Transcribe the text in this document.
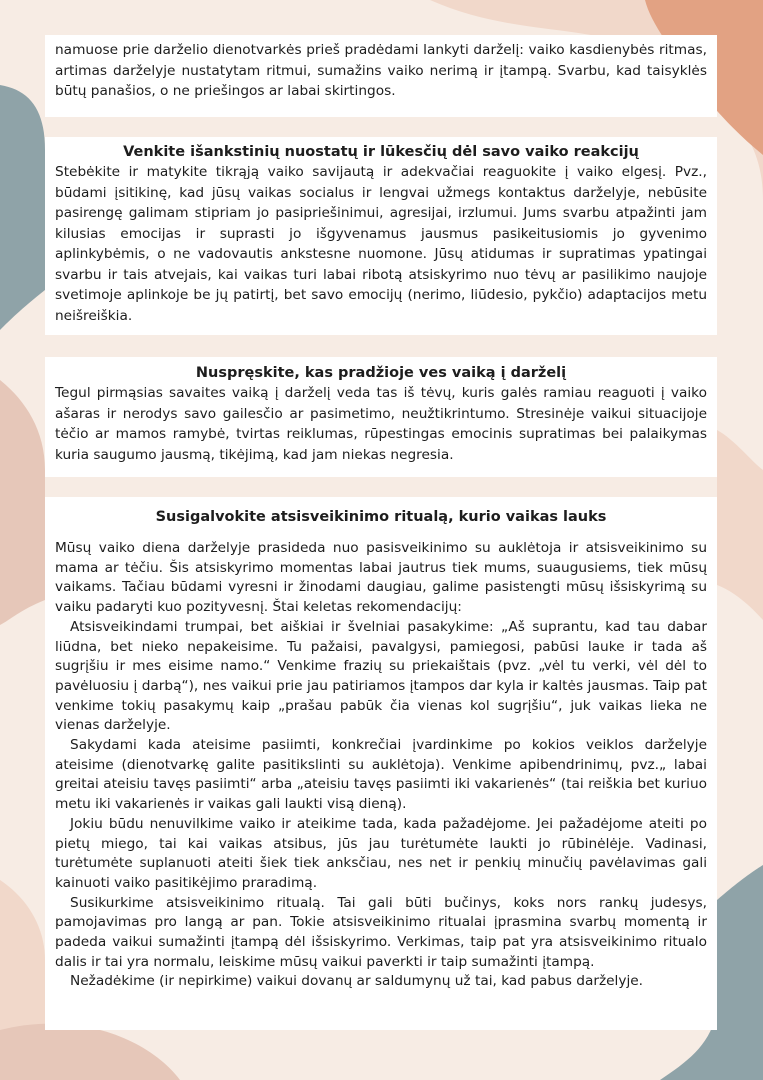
namuose prie darželio dienotvarkės prieš pradėdami lankyti darželį: vaiko kasdienybės ritmas, artimas darželyje nustatytam ritmui, sumažins vaiko nerimą ir įtampą. Svarbu, kad taisyklės būtų panašios, o ne priešingos ar labai skirtingos.

Venkite išankstinių nuostatų ir lūkesčių dėl savo vaiko reakcijų

Stebėkite ir matykite tikrąją vaiko savijautą ir adekvačiai reaguokite į vaiko elgesį. Pvz., būdami įsitikinę, kad jūsų vaikas socialus ir lengvai užmegs kontaktus darželyje, nebūsite pasirengę galimam stipriam jo pasipriešinimui, agresijai, irzlumui. Jums svarbu atpažinti jam kilusias emocijas ir suprasti jo išgyvenamus jausmus pasikeitusiomis jo gyvenimo aplinkybėmis, o ne vadovautis ankstesne nuomone. Jūsų atidumas ir supratimas ypatingai svarbu ir tais atvejais, kai vaikas turi labai ribotą atsiskyrimo nuo tėvų ar pasilikimo naujoje svetimoje aplinkoje be jų patirtį, bet savo emocijų (nerimo, liūdesio, pykčio) adaptacijos metu neišreiškia.

Nuspręskite, kas pradžioje ves vaiką į darželį

Tegul pirmąsias savaites vaiką į darželį veda tas iš tėvų, kuris galės ramiau reaguoti į vaiko ašaras ir nerodys savo gailesčio ar pasimetimo, neužtikrintumo. Stresinėje vaikui situacijoje tėčio ar mamos ramybė, tvirtas reiklumas, rūpestingas emocinis supratimas bei palaikymas kuria saugumo jausmą, tikėjimą, kad jam niekas negresia.

Susigalvokite atsisveikinimo ritualą, kurio vaikas lauks

Mūsų vaiko diena darželyje prasideda nuo pasisveikinimo su auklėtoja ir atsisveikinimo su mama ar tėčiu. Šis atsiskyrimo momentas labai jautrus tiek mums, suaugusiems, tiek mūsų vaikams. Tačiau būdami vyresni ir žinodami daugiau, galime pasistengti mūsų išsiskyrimą su vaiku padaryti kuo pozityvesnį. Štai keletas rekomendacijų:

Atsisveikindami trumpai, bet aiškiai ir švelniai pasakykime: „Aš suprantu, kad tau dabar liūdna, bet nieko nepakeisime. Tu pažaisi, pavalgysi, pamiegosi, pabūsi lauke ir tada aš sugrįšiu ir mes eisime namo.“ Venkime frazių su priekaištais (pvz. „vėl tu verki, vėl dėl to pavėluosiu į darbą“), nes vaikui prie jau patiriamos įtampos dar kyla ir kaltės jausmas. Taip pat venkime tokių pasakymų kaip „prašau pabūk čia vienas kol sugrįšiu“, juk vaikas lieka ne vienas darželyje.

Sakydami kada ateisime pasiimti, konkrečiai įvardinkime po kokios veiklos darželyje ateisime (dienotvarkę galite pasitikslinti su auklėtoja). Venkime apibendrinimų, pvz.„ labai greitai ateisiu tavęs pasiimti“ arba „ateisiu tavęs pasiimti iki vakarienės“ (tai reiškia bet kuriuo metu iki vakarienės ir vaikas gali laukti visą dieną).

Jokiu būdu nenuvilkime vaiko ir ateikime tada, kada pažadėjome. Jei pažadėjome ateiti po pietų miego, tai kai vaikas atsibus, jūs jau turėtumėte laukti jo rūbinėlėje. Vadinasi, turėtumėte suplanuoti ateiti šiek tiek anksčiau, nes net ir penkių minučių pavėlavimas gali kainuoti vaiko pasitikėjimo praradimą.

Susikurkime atsisveikinimo ritualą. Tai gali būti bučinys, koks nors rankų judesys, pamojavimas pro langą ar pan. Tokie atsisveikinimo ritualai įprasmina svarbų momentą ir padeda vaikui sumažinti įtampą dėl išsiskyrimo. Verkimas, taip pat yra atsisveikinimo ritualo dalis ir tai yra normalu, leiskime mūsų vaikui paverkti ir taip sumažinti įtampą.

Nežadėkime (ir nepirkime) vaikui dovanų ar saldumynų už tai, kad pabus darželyje.
